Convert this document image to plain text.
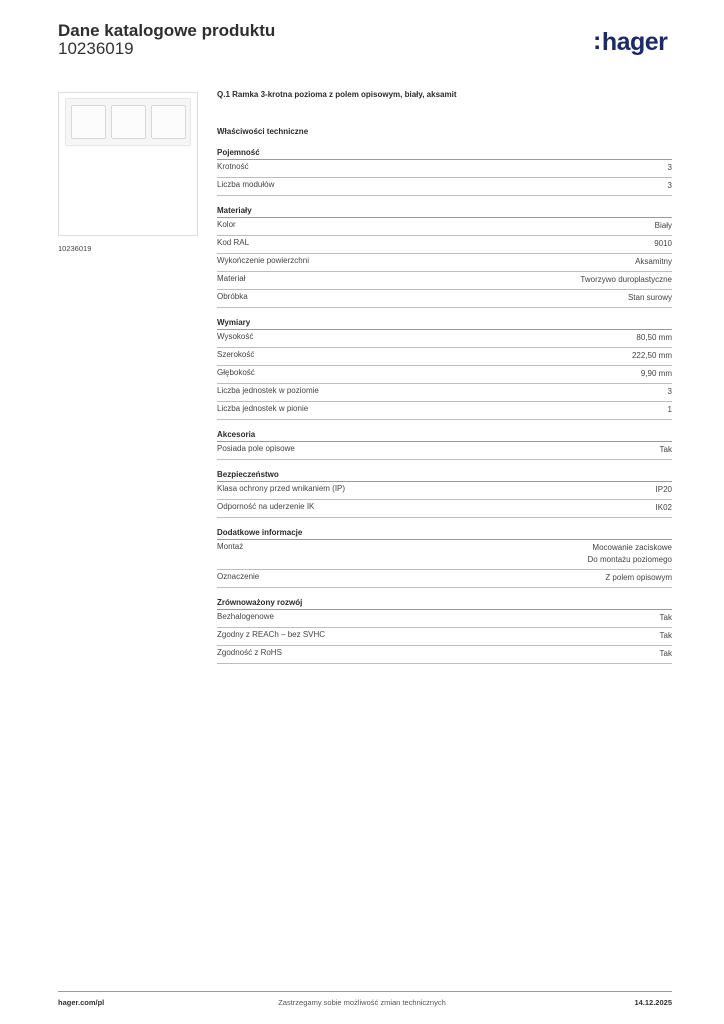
Dane katalogowe produktu
10236019	:hager
10236019
Q.1 Ramka 3-krotna pozioma z polem opisowym, biały, aksamit
Właściwości techniczne
Pojemność
Krotność	3
Liczba modułów	3
Materiały
Kolor	Biały
Kod RAL	9010
Wykończenie powierzchni	Aksamitny
Materiał	Tworzywo duroplastyczne
Obróbka	Stan surowy
Wymiary
Wysokość	80,50 mm
Szerokość	222,50 mm
Głębokość	9,90 mm
Liczba jednostek w poziomie	3
Liczba jednostek w pionie	1
Akcesoria
Posiada pole opisowe	Tak
Bezpieczeństwo
Klasa ochrony przed wnikaniem (IP)	IP20
Odporność na uderzenie IK	IK02
Dodatkowe informacje
Montaż	Mocowanie zaciskowe
Do montażu poziomego
Oznaczenie	Z polem opisowym
Zrównoważony rozwój
Bezhalogenowe	Tak
Zgodny z REACh – bez SVHC	Tak
Zgodność z RoHS	Tak
hager.com/pl	Zastrzegamy sobie możliwość zmian technicznych	14.12.2025
